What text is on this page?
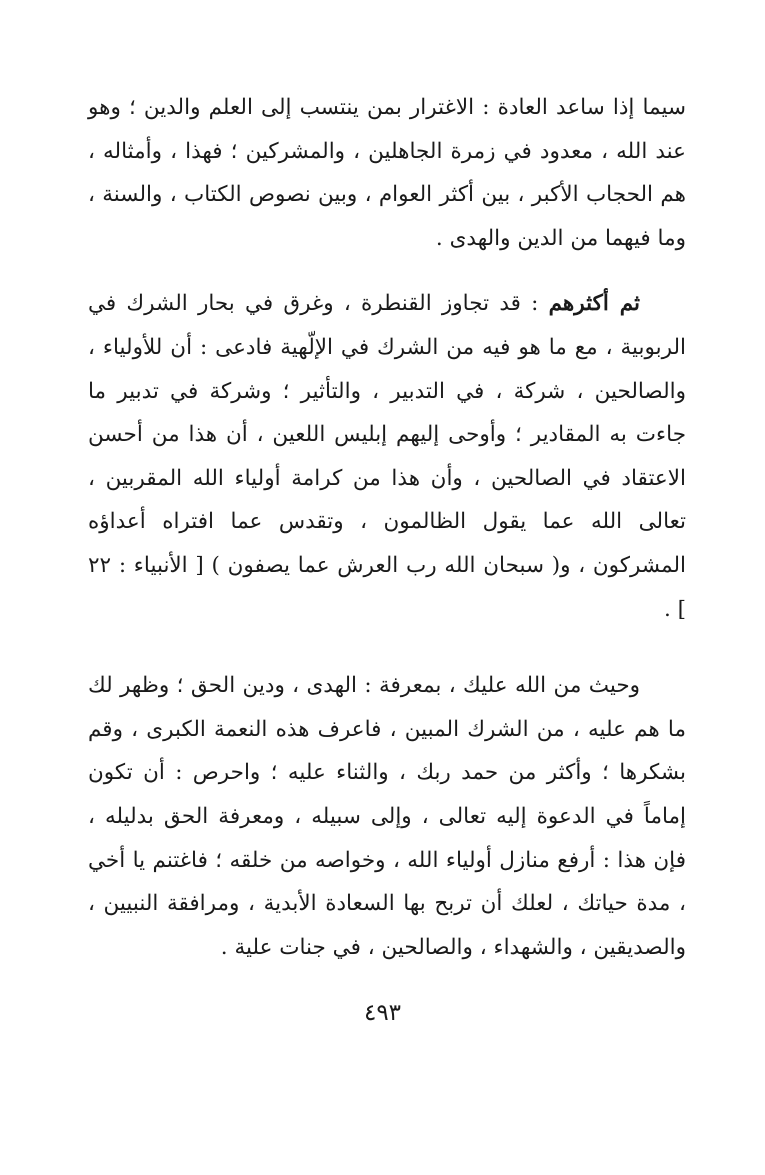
سيما إذا ساعد العادة : الاغترار بمن ينتسب إلى العلم والدين ؛ وهو عند الله ، معدود في زمرة الجاهلين ، والمشركين ؛ فهذا ، وأمثاله ، هم الحجاب الأكبر ، بين أكثر العوام ، وبين نصوص الكتاب ، والسنة ، وما فيهما من الدين والهدى .

ثم أكثرهم : قد تجاوز القنطرة ، وغرق في بحار الشرك في الربوبية ، مع ما هو فيه من الشرك في الإلّهية فادعى : أن للأولياء ، والصالحين ، شركة ، في التدبير ، والتأثير ؛ وشركة في تدبير ما جاءت به المقادير ؛ وأوحى إليهم إبليس اللعين ، أن هذا من أحسن الاعتقاد في الصالحين ، وأن هذا من كرامة أولياء الله المقربين ، تعالى الله عما يقول الظالمون ، وتقدس عما افتراه أعداؤه المشركون ، و( سبحان الله رب العرش عما يصفون ) [ الأنبياء : ٢٢ ] .

وحيث من الله عليك ، بمعرفة : الهدى ، ودين الحق ؛ وظهر لك ما هم عليه ، من الشرك المبين ، فاعرف هذه النعمة الكبرى ، وقم بشكرها ؛ وأكثر من حمد ربك ، والثناء عليه ؛ واحرص : أن تكون إماماً في الدعوة إليه تعالى ، وإلى سبيله ، ومعرفة الحق بدليله ، فإن هذا : أرفع منازل أولياء الله ، وخواصه من خلقه ؛ فاغتنم يا أخي ، مدة حياتك ، لعلك أن تربح بها السعادة الأبدية ، ومرافقة النبيين ، والصديقين ، والشهداء ، والصالحين ، في جنات علية .

٤٩٣
